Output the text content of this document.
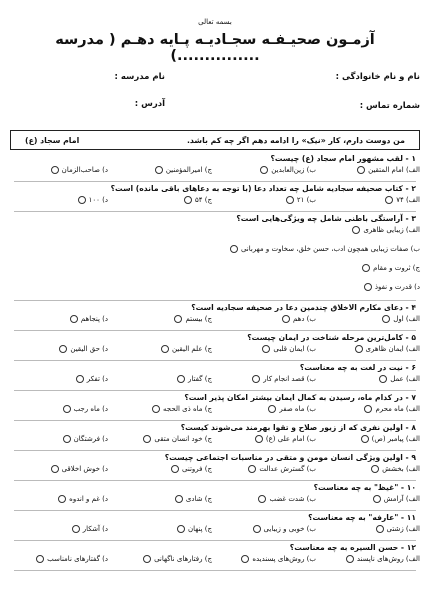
بسمه تعالی
آزمـون صحیـفـه سجـادیـه پـایه دهـم ( مدرسه ...............)
نام و نام خانوادگی :
نام مدرسه :
شماره تماس :
آدرس :
من دوست دارم، کار «نیک» را ادامه دهم اگر چه کم باشد.
امام سجاد (ع)
۱ - لقب مشهور امام سجاد (ع) چیست؟
الف) امام المتقین
ب) زین‌العابدین
ج) امیرالمؤمنین
د) صاحب‌الزمان
۲ - کتاب صحیفه سجادیه شامل چه تعداد دعا (با توجه به دعاهای باقی مانده) است؟
الف) ۷۴
ب) ۲۱
ج) ۵۴
د) ۱۰۰
۳ - آراستگی باطنی شامل چه ویژگی‌هایی است؟
الف) زیبایی ظاهری
ب) صفات زیبایی همچون ادب، حسن خلق، سخاوت و مهربانی
ج) ثروت و مقام
د) قدرت و نفوذ
۴ - دعای مکارم الاخلاق چندمین دعا در صحیفه سجادیه است؟
الف) اول
ب) دهم
ج) بیستم
د) پنجاهم
۵ - کامل‌ترین مرحله شناخت در ایمان چیست؟
الف) ایمان ظاهری
ب) ایمان قلبی
ج) علم الیقین
د) حق الیقین
۶ - نیت در لغت به چه معناست؟
الف) عمل
ب) قصد انجام کار
ج) گفتار
د) تفکر
۷ - در کدام ماه، رسیدن به کمال ایمان بیشتر امکان پذیر است؟
الف) ماه محرم
ب) ماه صفر
ج) ماه ذی الحجه
د) ماه رجب
۸ - اولین نفری که از زیور صلاح و تقوا بهرمند می‌شوند کیست؟
الف) پیامبر (ص)
ب) امام علی (ع)
ج) خود انسان متقی
د) فرشتگان
۹ - اولین ویژگی انسان مومن و متقی در مناسبات اجتماعی چیست؟
الف) بخشش
ب) گسترش عدالت
ج) فروتنی
د) خوش اخلاقی
۱۰ - "غیظ" به چه معناست؟
الف) آرامش
ب) شدت غضب
ج) شادی
د) غم و اندوه
۱۱ - "عارفه" به چه معناست؟
الف) زشتی
ب) خوبی و زیبایی
ج) پنهان
د) آشکار
۱۲ - حسن السیره به چه معناست؟
الف) روش‌های ناپسند
ب) روش‌های پسندیده
ج) رفتارهای ناگهانی
د) گفتارهای نامناسب
